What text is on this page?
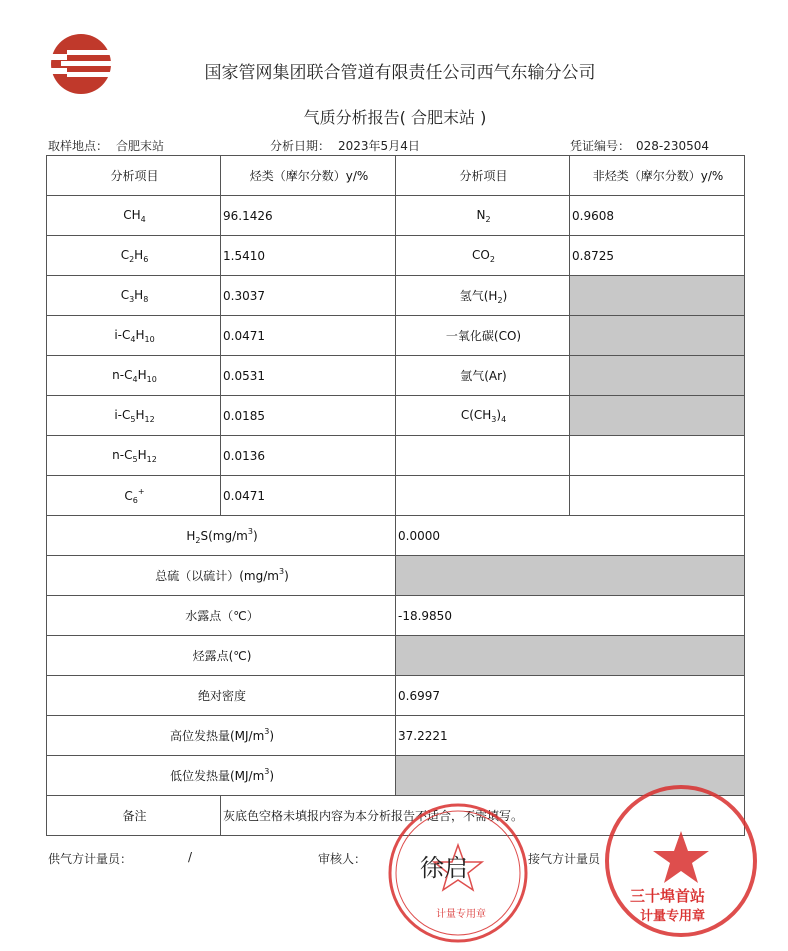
国家管网集团联合管道有限责任公司西气东输分公司
气质分析报告( 合肥末站 )
取样地点： 合肥末站	分析日期： 2023年5月4日	凭证编号： 028-230504
分析项目	烃类（摩尔分数）y/%	分析项目	非烃类（摩尔分数）y/%
$CH_4$	96.1426	$N_2$	0.9608
$C_2H_6$	1.5410	$CO_2$	0.8725
$C_3H_8$	0.3037	氢气$(H_2)$	
$i-C_4H_{10}$	0.0471	一氧化碳(CO)	
$n-C_4H_{10}$	0.0531	氩气(Ar)	
$i-C_5H_{12}$	0.0185	$C(CH_3)_4$	
$n-C_5H_{12}$	0.0136		
$C_6^+$	0.0471		
$H_2S(mg/m^3)$		0.0000	
总硫（以硫计）$(mg/m^3)$			
水露点（℃）		-18.9850	
烃露点(℃)			
绝对密度		0.6997	
高位发热量$(MJ/m^3)$		37.2221	
低位发热量$(MJ/m^3)$			
备注	灰底色空格未填报内容为本分析报告不适合，不需填写。		
供气方计量员：	/	审核人：	接气方计量员
徐启
计量专用章
三十埠首站
计量专用章
